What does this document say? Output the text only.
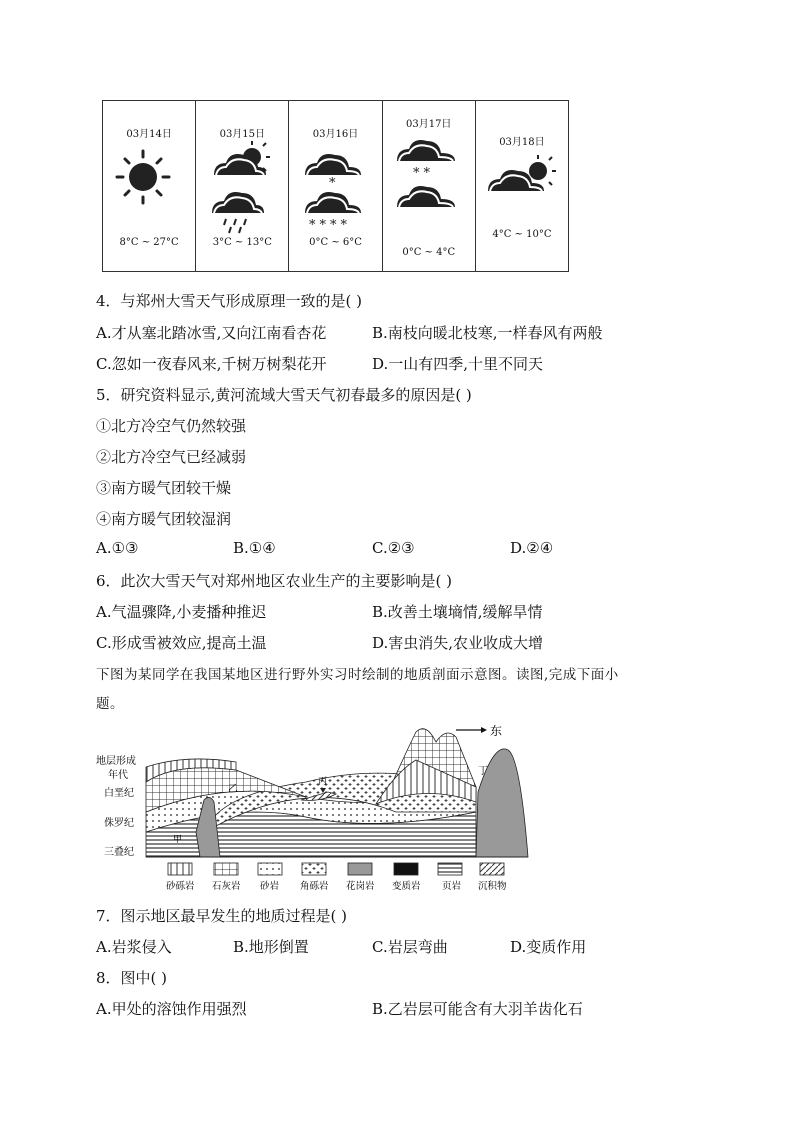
03月14日
8°C ~ 27°C
03月15日
3°C ~ 13°C
03月16日
*
****
0°C ~ 6°C
03月17日
**
0°C ~ 4°C
03月18日
4°C ~ 10°C
4．与郑州大雪天气形成原理一致的是( )
A.才从塞北踏冰雪,又向江南看杏花	B.南枝向暖北枝寒,一样春风有两般
C.忽如一夜春风来,千树万树梨花开	D.一山有四季,十里不同天
5．研究资料显示,黄河流域大雪天气初春最多的原因是( )
①北方冷空气仍然较强
②北方冷空气已经减弱
③南方暖气团较干燥
④南方暖气团较湿润
A.①③	B.①④	C.②③	D.②④
6．此次大雪天气对郑州地区农业生产的主要影响是( )
A.气温骤降,小麦播种推迟	B.改善土壤墒情,缓解旱情
C.形成雪被效应,提高土温	D.害虫消失,农业收成大增
下图为某同学在我国某地区进行野外实习时绘制的地质剖面示意图。读图,完成下面小
题。
东
地层形成
年代
白垩纪
侏罗纪
三叠纪
甲
乙
丙
丁
砂砾岩 石灰岩 砂岩 角砾岩 花岗岩 变质岩 页岩 沉积物
7．图示地区最早发生的地质过程是( )
A.岩浆侵入	B.地形倒置	C.岩层弯曲	D.变质作用
8．图中( )
A.甲处的溶蚀作用强烈	B.乙岩层可能含有大羽羊齿化石
